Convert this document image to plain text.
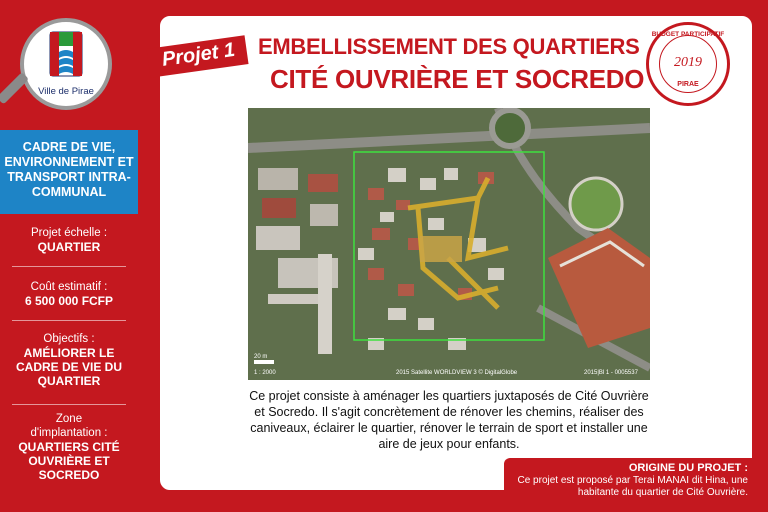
Ville de Pirae
CADRE DE VIE, ENVIRONNEMENT ET TRANSPORT INTRA-COMMUNAL
Projet échelle :
QUARTIER
Coût estimatif :
6 500 000 FCFP
Objectifs :
AMÉLIORER LE CADRE DE VIE DU QUARTIER
Zone d'implantation :
QUARTIERS CITÉ OUVRIÈRE ET SOCREDO
Projet 1 EMBELLISSEMENT DES QUARTIERS
CITÉ OUVRIÈRE ET SOCREDO
BUDGET PARTICIPATIF
2019
PIRAE
20 m
1 : 2000	2015 Satellite WORLDVIEW 3 © DigitalGlobe	2015|Bl 1 - 0005537
Ce projet consiste à aménager les quartiers juxtaposés de Cité Ouvrière et Socredo. Il s'agit concrètement de rénover les chemins, réaliser des caniveaux, éclairer le quartier, rénover le terrain de sport et installer une aire de jeux pour enfants.
ORIGINE DU PROJET :
Ce projet est proposé par Terai MANAI dit Hina, une habitante du quartier de Cité Ouvrière.
